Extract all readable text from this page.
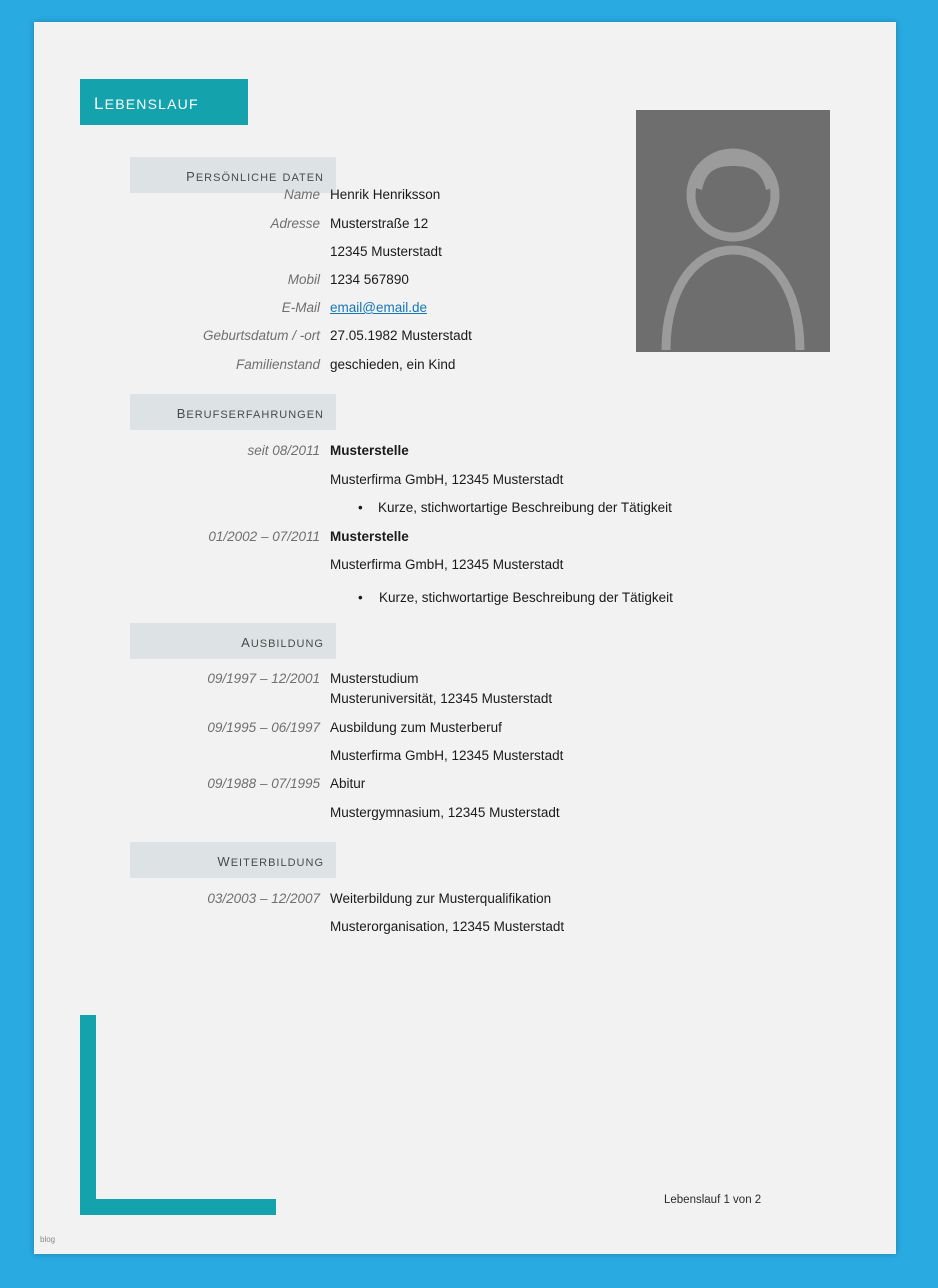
lebenslauf
persönliche daten
Name Henrik Henriksson
Adresse Musterstraße 12
12345 Musterstadt
Mobil 1234 567890
E-Mail email@email.de
Geburtsdatum / -ort 27.05.1982 Musterstadt
Familienstand geschieden, ein Kind
berufserfahrungen
seit 08/2011 Musterstelle
Musterfirma GmbH, 12345 Musterstadt
• Kurze, stichwortartige Beschreibung der Tätigkeit
01/2002 – 07/2011 Musterstelle
Musterfirma GmbH, 12345 Musterstadt
• Kurze, stichwortartige Beschreibung der Tätigkeit
ausbildung
09/1997 – 12/2001 Musterstudium
Musteruniversität, 12345 Musterstadt
09/1995 – 06/1997 Ausbildung zum Musterberuf
Musterfirma GmbH, 12345 Musterstadt
09/1988 – 07/1995 Abitur
Mustergymnasium, 12345 Musterstadt
weiterbildung
03/2003 – 12/2007 Weiterbildung zur Musterqualifikation
Musterorganisation, 12345 Musterstadt
Lebenslauf 1 von 2
blog
